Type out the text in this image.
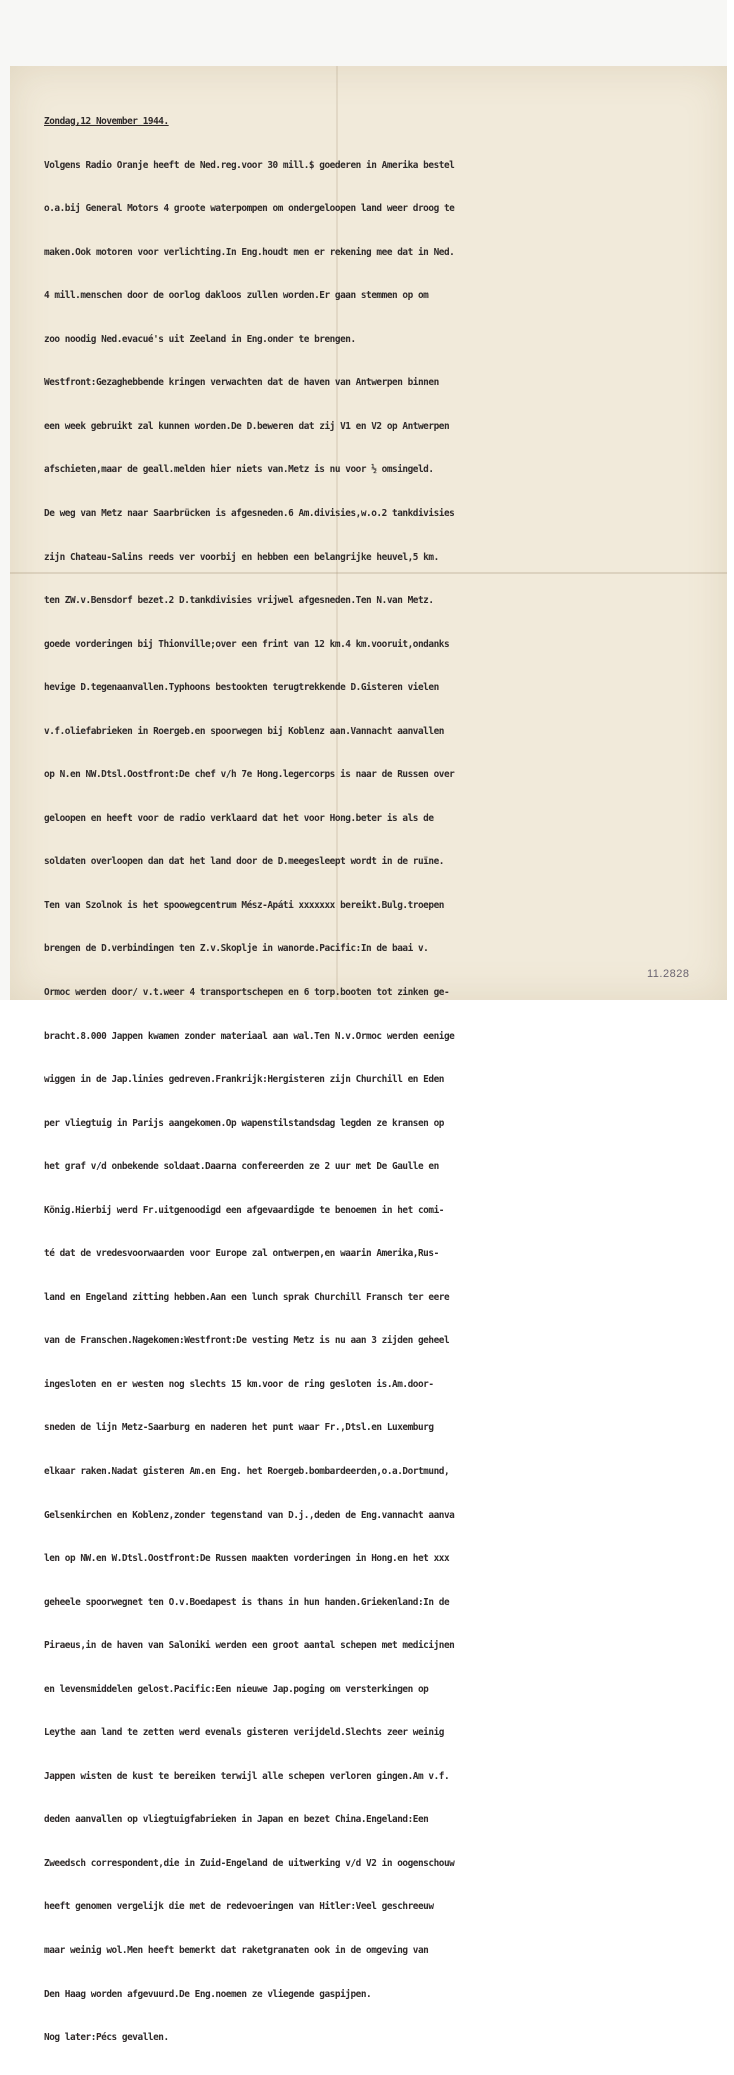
Zondag,12 November 1944.

Volgens Radio Oranje heeft de Ned.reg.voor 30 mill.$ goederen in Amerika bestel

o.a.bij General Motors 4 groote waterpompen om ondergeloopen land weer droog te

maken.Ook motoren voor verlichting.In Eng.houdt men er rekening mee dat in Ned.

4 mill.menschen door de oorlog dakloos zullen worden.Er gaan stemmen op om

zoo noodig Ned.evacué's uit Zeeland in Eng.onder te brengen.

Westfront:Gezaghebbende kringen verwachten dat de haven van Antwerpen binnen

een week gebruikt zal kunnen worden.De D.beweren dat zij V1 en V2 op Antwerpen

afschieten,maar de geall.melden hier niets van.Metz is nu voor ½ omsingeld.

De weg van Metz naar Saarbrücken is afgesneden.6 Am.divisies,w.o.2 tankdivisies

zijn Chateau-Salins reeds ver voorbij en hebben een belangrijke heuvel,5 km.

ten ZW.v.Bensdorf bezet.2 D.tankdivisies vrijwel afgesneden.Ten N.van Metz.

goede vorderingen bij Thionville;over een frint van 12 km.4 km.vooruit,ondanks

hevige D.tegenaanvallen.Typhoons bestookten terugtrekkende D.Gisteren vielen

v.f.oliefabrieken in Roergeb.en spoorwegen bij Koblenz aan.Vannacht aanvallen

op N.en NW.Dtsl.Oostfront:De chef v/h 7e Hong.legercorps is naar de Russen over

geloopen en heeft voor de radio verklaard dat het voor Hong.beter is als de

soldaten overloopen dan dat het land door de D.meegesleept wordt in de ruïne.

Ten van Szolnok is het spoowegcentrum Mész-Apáti xxxxxxx bereikt.Bulg.troepen

brengen de D.verbindingen ten Z.v.Skoplje in wanorde.Pacific:In de baai v.

Ormoc werden door/ v.t.weer 4 transportschepen en 6 torp.booten tot zinken ge-

bracht.8.000 Jappen kwamen zonder materiaal aan wal.Ten N.v.Ormoc werden eenige

wiggen in de Jap.linies gedreven.Frankrijk:Hergisteren zijn Churchill en Eden

per vliegtuig in Parijs aangekomen.Op wapenstilstandsdag legden ze kransen op

het graf v/d onbekende soldaat.Daarna confereerden ze 2 uur met De Gaulle en

König.Hierbij werd Fr.uitgenoodigd een afgevaardigde te benoemen in het comi-

té dat de vredesvoorwaarden voor Europe zal ontwerpen,en waarin Amerika,Rus-

land en Engeland zitting hebben.Aan een lunch sprak Churchill Fransch ter eere

van de Franschen.Nageko​men:Westfront:De vesting Metz is nu aan 3 zijden geheel

ingesloten en er westen nog slechts 15 km.voor de ring gesloten is.Am.door-

sneden de lijn Metz-Saarburg en naderen het punt waar Fr.,Dtsl.en Luxemburg

elkaar raken.Nadat gisteren Am.en Eng. het Roergeb.bombardeerden,o.a.Dortmund,

Gelsenkirchen en Koblenz,zonder tegenstand van D.j.,deden de Eng.vannacht aanva

len op NW.en W.Dtsl.Oostfront:De Russen maakten vorderingen in Hong.en het xxx

geheele spoorwegnet ten O.v.Boedapest is thans in hun handen.Griekenland:In de

Piraeus,in de haven van Saloniki werden een groot aantal schepen met medicijnen

en levensmiddelen gelost.Pacific:Een nieuwe Jap.poging om versterkingen op

Leythe aan land te zetten werd evenals gisteren verijdeld.Slechts zeer weinig

Jappen wisten de kust te bereiken terwijl alle schepen verloren gingen.Am v.f.

deden aanvallen op vliegtuigfabrieken in Japan en bezet China.Engeland:Een

Zweedsch correspondent,die in Zuid-Engeland de uitwerking v/d V2 in oogenschouw

heeft genomen vergelijk die met de redevoeringen van Hitler:Veel geschreeuw

maar weinig wol.Men heeft bemerkt dat raketgranaten ook in de omgeving van

Den Haag worden afgevuurd.De Eng.noemen ze vliegende gaspijpen.

Nog later:Pécs gevallen.

11.2828
